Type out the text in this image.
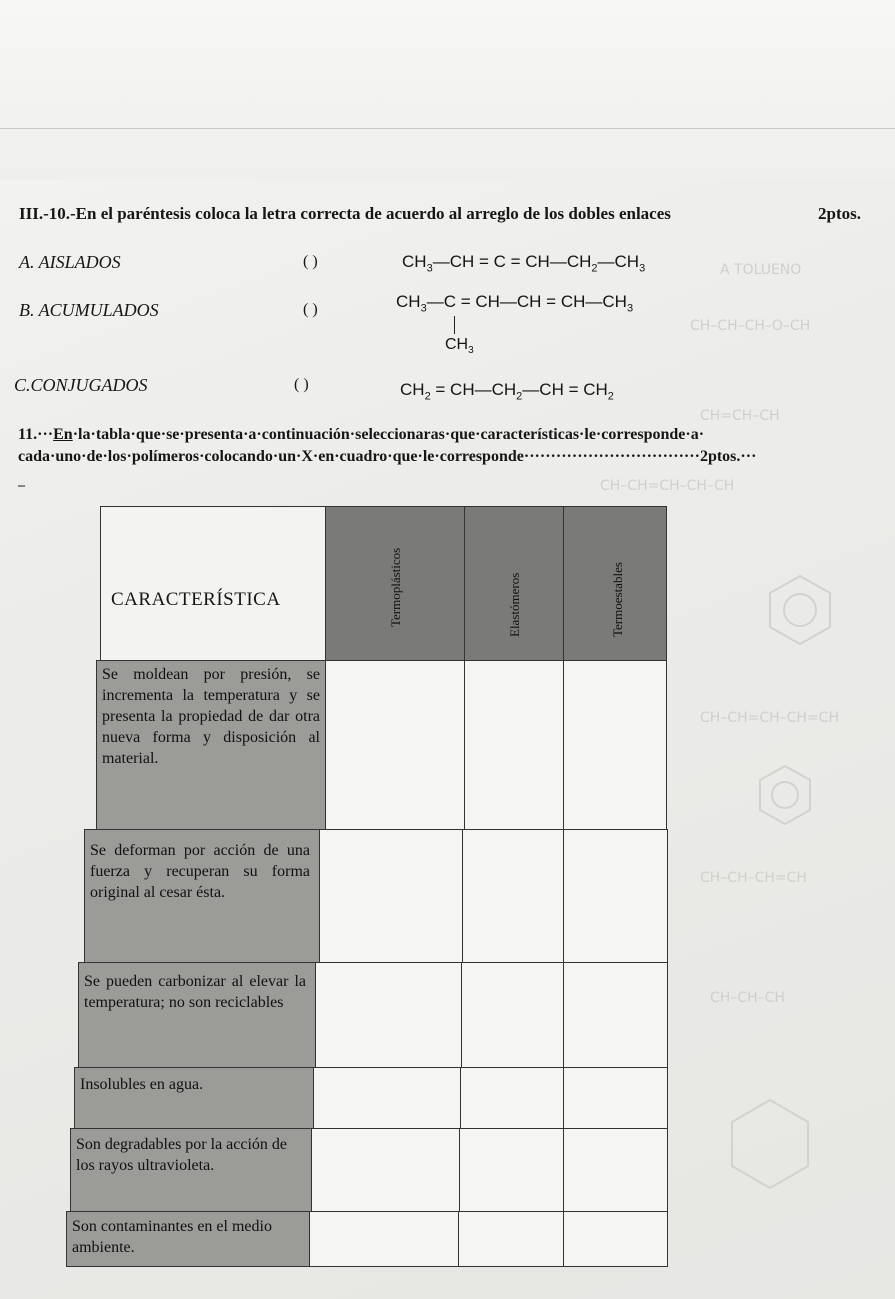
A TOLUENO
CH–CH–CH–O–CH
CH=CH–CH
CH–CH=CH–CH–CH
CH–CH=CH–CH=CH
CH–CH–CH=CH
CH–CH–CH
III.-10.-En el paréntesis coloca la letra correcta de acuerdo al arreglo de los dobles enlaces	2ptos.
A. AISLADOS	( )	$CH_3—CH = C$ = $CH—CH_2—CH_3$
B. ACUMULADOS	( )	$CH_3—C$ = CH—CH = $CH—CH_3$
$CH_3$
C.CONJUGADOS	( )	$CH_2$ = $CH—CH_2—CH = CH_2$
11.···En·la·tabla·que·se·presenta·a·continuación·seleccionaras·que·características·le·corresponde·a·
cada·uno·de·los·polímeros·colocando·un·X·en·cuadro·que·le·corresponde·································2ptos.···
–
CARACTERÍSTICA	Termoplásticos	Elastómeros	Termoestables
Se moldean por presión, se incrementa la temperatura y se presenta la propiedad de dar otra nueva forma y disposición al material.
Se deforman por acción de una fuerza y recuperan su forma original al cesar ésta.
Se pueden carbonizar al elevar la temperatura; no son reciclables
Insolubles en agua.
Son degradables por la acción de los rayos ultravioleta.
Son contaminantes en el medio ambiente.
